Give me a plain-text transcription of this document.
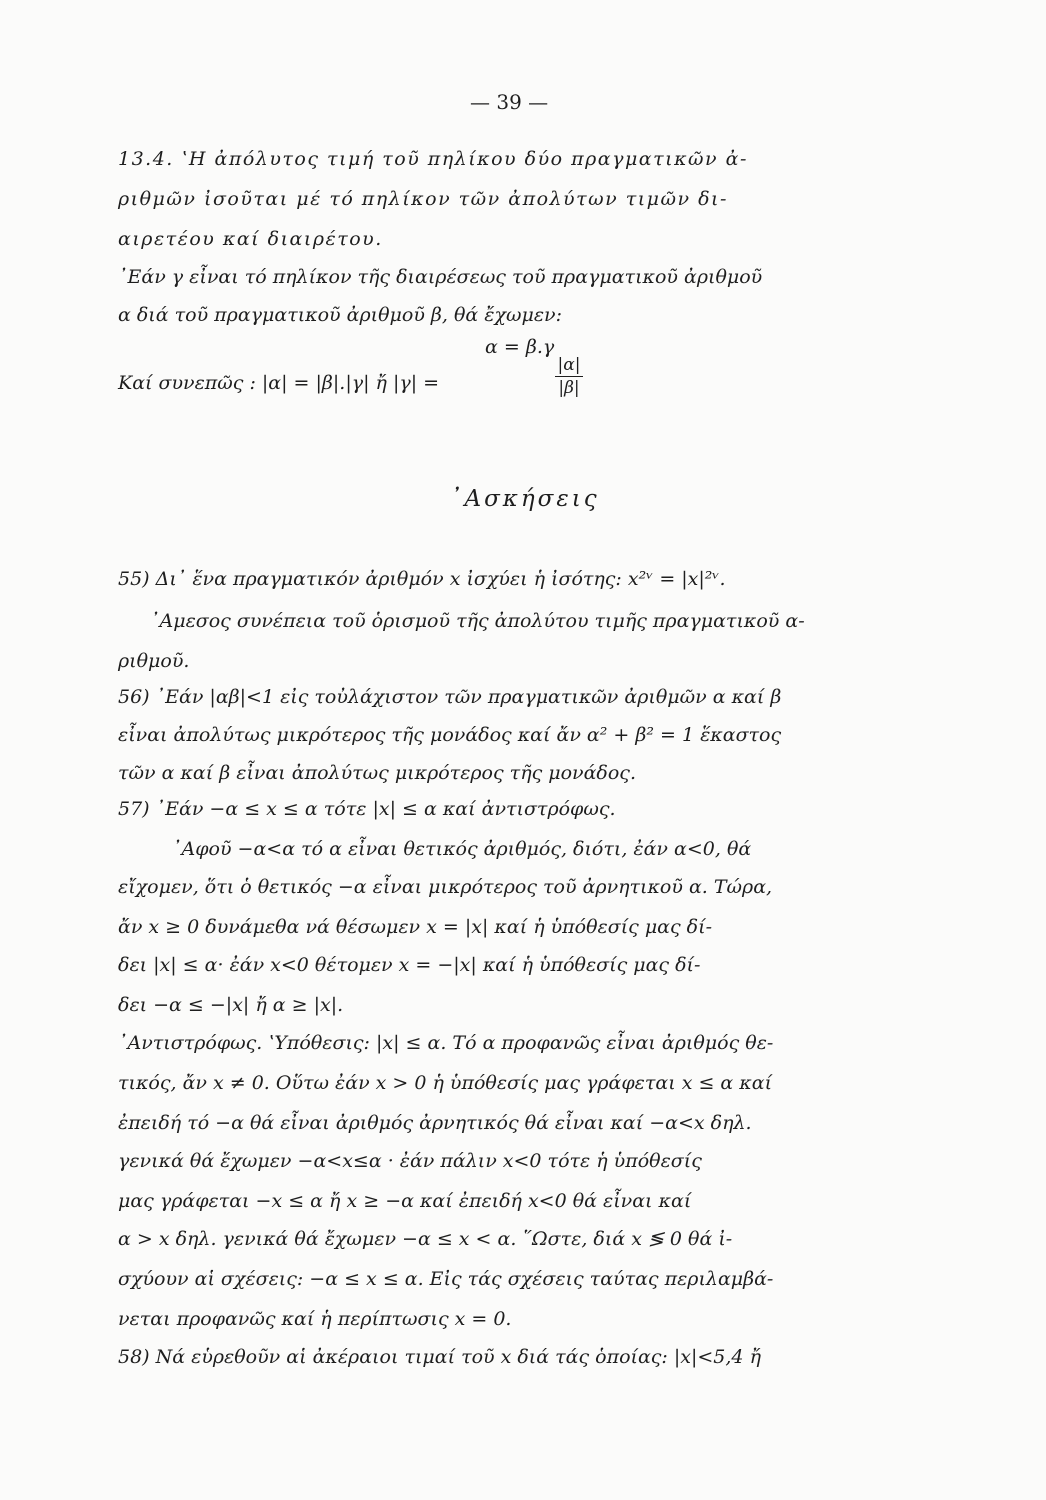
— 39 —
13.4. ʽΗ ἀπόλυτος τιμή τοῦ πηλίκου δύο πραγματικῶν ἀ-
ριθμῶν ἰσοῦται μέ τό πηλίκον τῶν ἀπολύτων τιμῶν δι-
αιρετέου καί διαιρέτου.
᾽Εάν γ εἶναι τό πηλίκον τῆς διαιρέσεως τοῦ πραγματικοῦ ἀριθμοῦ
α διά τοῦ πραγματικοῦ ἀριθμοῦ β, θά ἔχωμεν:
α = β.γ
Καί συνεπῶς : |α| = |β|.|γ| ἤ |γ| =
|α|
|β|
᾽Ασκήσεις
55) Δι᾽ ἕνα πραγματικόν ἀριθμόν x ἰσχύει ἡ ἰσότης: x²ᵛ = |x|²ᵛ.
᾽Αμεσος συνέπεια τοῦ ὁρισμοῦ τῆς ἀπολύτου τιμῆς πραγματικοῦ α-
ριθμοῦ.
56) ᾽Εάν |αβ|<1 εἰς τοὐλάχιστον τῶν πραγματικῶν ἀριθμῶν α καί β
εἶναι ἀπολύτως μικρότερος τῆς μονάδος καί ἄν α² + β² = 1 ἕκαστος
τῶν α καί β εἶναι ἀπολύτως μικρότερος τῆς μονάδος.
57) ᾽Εάν −α ≤ x ≤ α τότε |x| ≤ α καί ἀντιστρόφως.
᾽Αφοῦ −α<α τό α εἶναι θετικός ἀριθμός, διότι, ἐάν α<0, θά
εἴχομεν, ὅτι ὁ θετικός −α εἶναι μικρότερος τοῦ ἀρνητικοῦ α. Τώρα,
ἄν x ≥ 0 δυνάμεθα νά θέσωμεν x = |x| καί ἡ ὑπόθεσίς μας δί-
δει |x| ≤ α· ἐάν x<0 θέτομεν x = −|x| καί ἡ ὑπόθεσίς μας δί-
δει −α ≤ −|x| ἤ α ≥ |x|.
᾽Αντιστρόφως. ʽΥπόθεσις: |x| ≤ α. Τό α προφανῶς εἶναι ἀριθμός θε-
τικός, ἄν x ≠ 0. Οὕτω ἐάν x > 0 ἡ ὑπόθεσίς μας γράφεται x ≤ α καί
ἐπειδή τό −α θά εἶναι ἀριθμός ἀρνητικός θά εἶναι καί −α<x δηλ.
γενικά θά ἔχωμεν −α<x≤α · ἐάν πάλιν x<0 τότε ἡ ὑπόθεσίς
μας γράφεται −x ≤ α ἤ x ≥ −α καί ἐπειδή x<0 θά εἶναι καί
α > x δηλ. γενικά θά ἔχωμεν −α ≤ x < α. ῞Ωστε, διά x ≶ 0 θά ἰ-
σχύουν αἱ σχέσεις: −α ≤ x ≤ α. Εἰς τάς σχέσεις ταύτας περιλαμβά-
νεται προφανῶς καί ἡ περίπτωσις x = 0.
58) Νά εὑρεθοῦν αἱ ἀκέραιοι τιμαί τοῦ x διά τάς ὁποίας: |x|<5,4 ἤ
